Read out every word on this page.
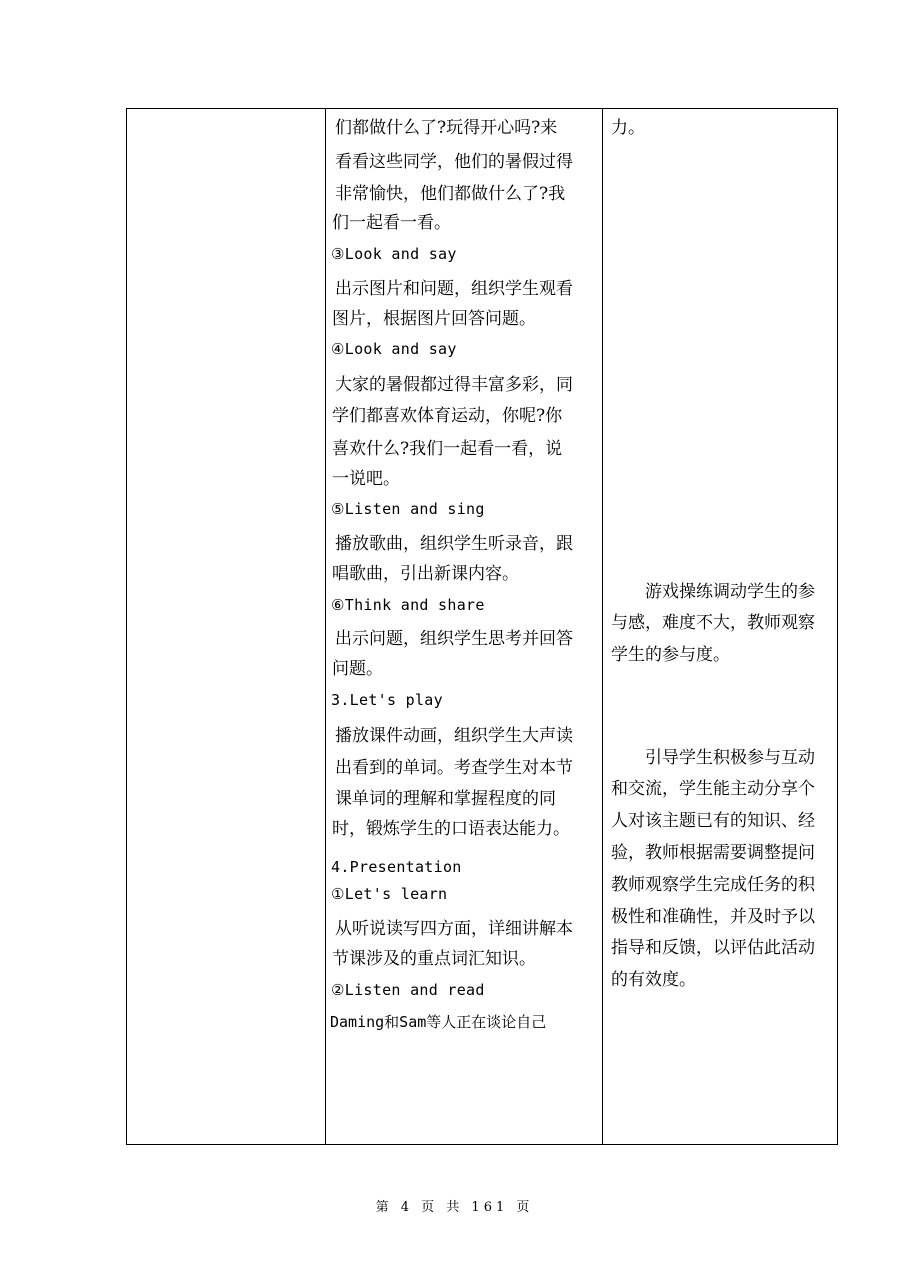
们都做什么了?玩得开心吗?来
看看这些同学，他们的暑假过得
非常愉快，他们都做什么了?我
们一起看一看。
③Look and say
出示图片和问题，组织学生观看
图片，根据图片回答问题。
④Look and say
大家的暑假都过得丰富多彩，同
学们都喜欢体育运动，你呢?你
喜欢什么?我们一起看一看，说
一说吧。
⑤Listen and sing
播放歌曲，组织学生听录音，跟
唱歌曲，引出新课内容。
⑥Think and share
出示问题，组织学生思考并回答
问题。
3.Let's play
播放课件动画，组织学生大声读
出看到的单词。考查学生对本节
课单词的理解和掌握程度的同
时，锻炼学生的口语表达能力。
4.Presentation
①Let's learn
从听说读写四方面，详细讲解本
节课涉及的重点词汇知识。
②Listen and read
Daming和Sam等人正在谈论自己
力。
游戏操练调动学生的参
与感，难度不大，教师观察
学生的参与度。
引导学生积极参与互动
和交流，学生能主动分享个
人对该主题已有的知识、经
验，教师根据需要调整提问
教师观察学生完成任务的积
极性和准确性，并及时予以
指导和反馈，以评估此活动
的有效度。
第 4 页 共 161 页
